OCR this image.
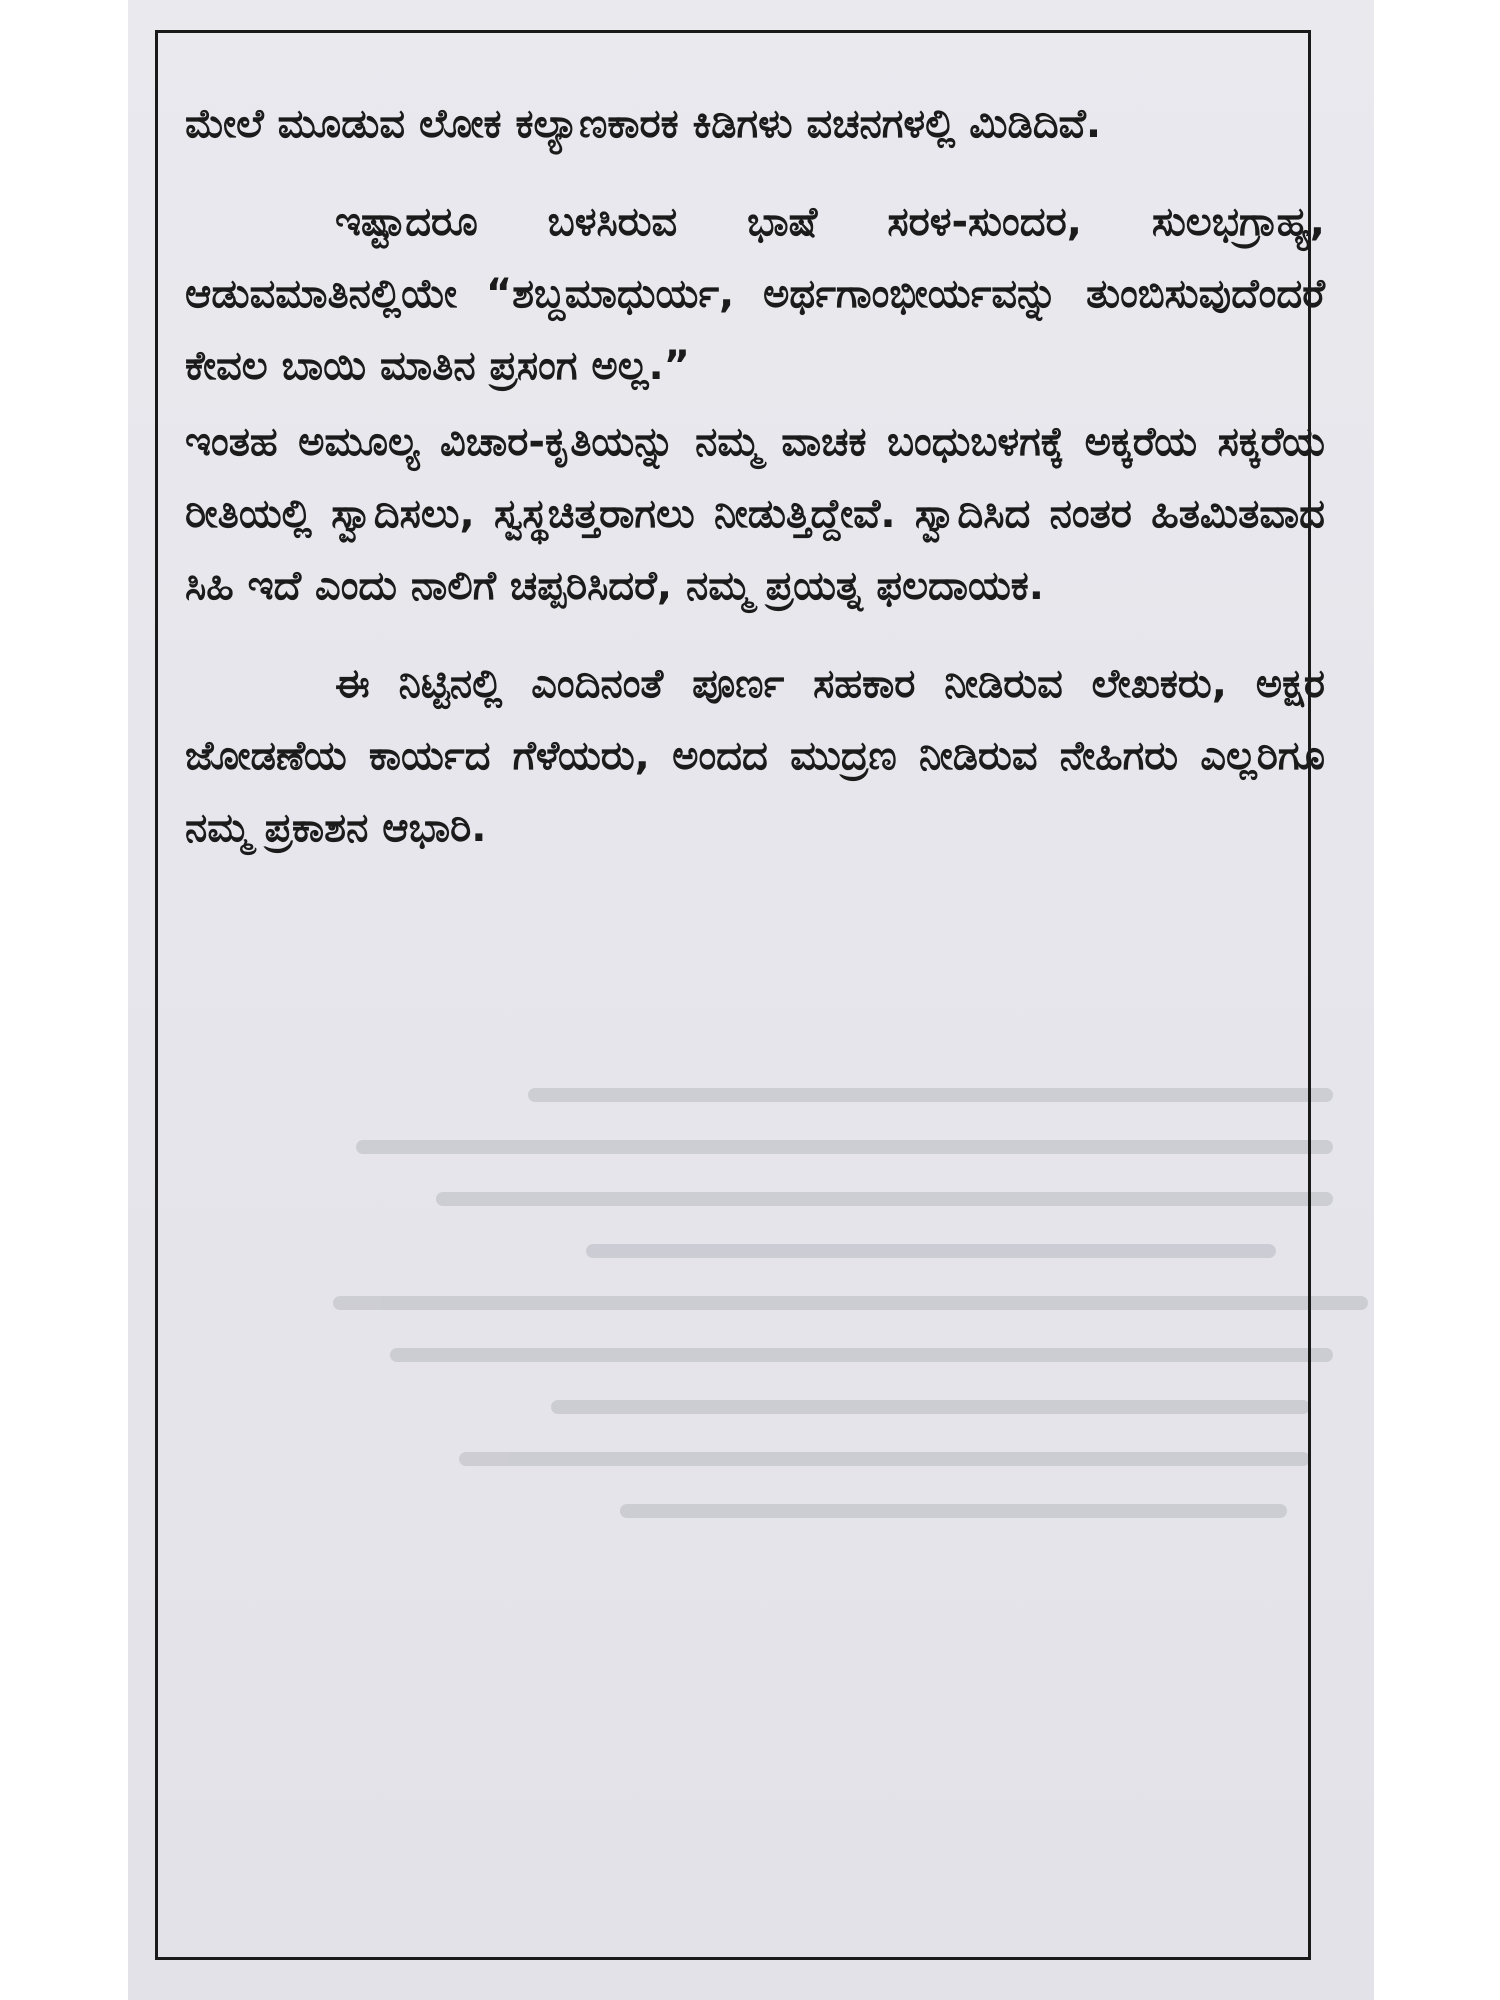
ಮೇಲೆ ಮೂಡುವ ಲೋಕ ಕಲ್ಯಾಣಕಾರಕ ಕಿಡಿಗಳು ವಚನಗಳಲ್ಲಿ ಮಿಡಿದಿವೆ.

ಇಷ್ಟಾದರೂ ಬಳಸಿರುವ ಭಾಷೆ ಸರಳ-ಸುಂದರ, ಸುಲಭಗ್ರಾಹ್ಯ, ಆಡುವಮಾತಿನಲ್ಲಿಯೇ “ಶಬ್ದಮಾಧುರ್ಯ, ಅರ್ಥಗಾಂಭೀರ್ಯವನ್ನು ತುಂಬಿಸುವುದೆಂದರೆ ಕೇವಲ ಬಾಯಿ ಮಾತಿನ ಪ್ರಸಂಗ ಅಲ್ಲ.”

ಇಂತಹ ಅಮೂಲ್ಯ ವಿಚಾರ-ಕೃತಿಯನ್ನು ನಮ್ಮ ವಾಚಕ ಬಂಧುಬಳಗಕ್ಕೆ ಅಕ್ಕರೆಯ ಸಕ್ಕರೆಯ ರೀತಿಯಲ್ಲಿ ಸ್ವಾದಿಸಲು, ಸ್ವಸ್ಥಚಿತ್ತರಾಗಲು ನೀಡುತ್ತಿದ್ದೇವೆ. ಸ್ವಾದಿಸಿದ ನಂತರ ಹಿತಮಿತವಾದ ಸಿಹಿ ಇದೆ ಎಂದು ನಾಲಿಗೆ ಚಪ್ಪರಿಸಿದರೆ, ನಮ್ಮ ಪ್ರಯತ್ನ ಫಲದಾಯಕ.

ಈ ನಿಟ್ಟಿನಲ್ಲಿ ಎಂದಿನಂತೆ ಪೂರ್ಣ ಸಹಕಾರ ನೀಡಿರುವ ಲೇಖಕರು, ಅಕ್ಷರ ಜೋಡಣೆಯ ಕಾರ್ಯದ ಗೆಳೆಯರು, ಅಂದದ ಮುದ್ರಣ ನೀಡಿರುವ ನೇಹಿಗರು ಎಲ್ಲರಿಗೂ ನಮ್ಮ ಪ್ರಕಾಶನ ಆಭಾರಿ.
